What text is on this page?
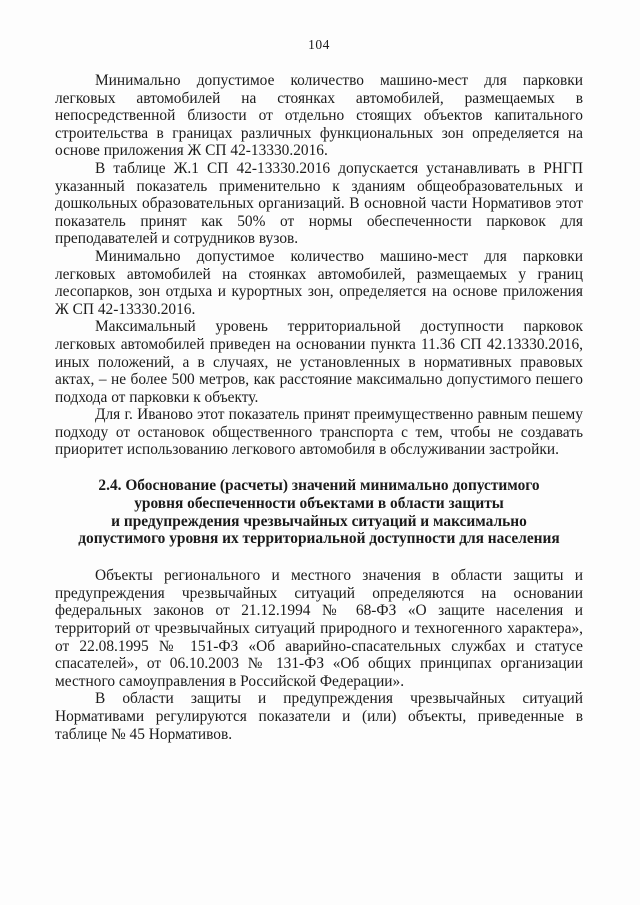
104

Минимально допустимое количество машино-мест для парковки легковых автомобилей на стоянках автомобилей, размещаемых в непосредственной близости от отдельно стоящих объектов капитального строительства в границах различных функциональных зон определяется на основе приложения Ж СП 42-13330.2016.

В таблице Ж.1 СП 42-13330.2016 допускается устанавливать в РНГП указанный показатель применительно к зданиям общеобразовательных и дошкольных образовательных организаций. В основной части Нормативов этот показатель принят как 50% от нормы обеспеченности парковок для преподавателей и сотрудников вузов.

Минимально допустимое количество машино-мест для парковки легковых автомобилей на стоянках автомобилей, размещаемых у границ лесопарков, зон отдыха и курортных зон, определяется на основе приложения Ж СП 42-13330.2016.

Максимальный уровень территориальной доступности парковок легковых автомобилей приведен на основании пункта 11.36 СП 42.13330.2016, иных положений, а в случаях, не установленных в нормативных правовых актах, – не более 500 метров, как расстояние максимально допустимого пешего подхода от парковки к объекту.

Для г. Иваново этот показатель принят преимущественно равным пешему подходу от остановок общественного транспорта с тем, чтобы не создавать приоритет использованию легкового автомобиля в обслуживании застройки.

2.4. Обоснование (расчеты) значений минимально допустимого
уровня обеспеченности объектами в области защиты
и предупреждения чрезвычайных ситуаций и максимально
допустимого уровня их территориальной доступности для населения

Объекты регионального и местного значения в области защиты и предупреждения чрезвычайных ситуаций определяются на основании федеральных законов от 21.12.1994 № 68-ФЗ «О защите населения и территорий от чрезвычайных ситуаций природного и техногенного характера», от 22.08.1995 № 151-ФЗ «Об аварийно-спасательных службах и статусе спасателей», от 06.10.2003 № 131-ФЗ «Об общих принципах организации местного самоуправления в Российской Федерации».

В области защиты и предупреждения чрезвычайных ситуаций Нормативами регулируются показатели и (или) объекты, приведенные в таблице № 45 Нормативов.
